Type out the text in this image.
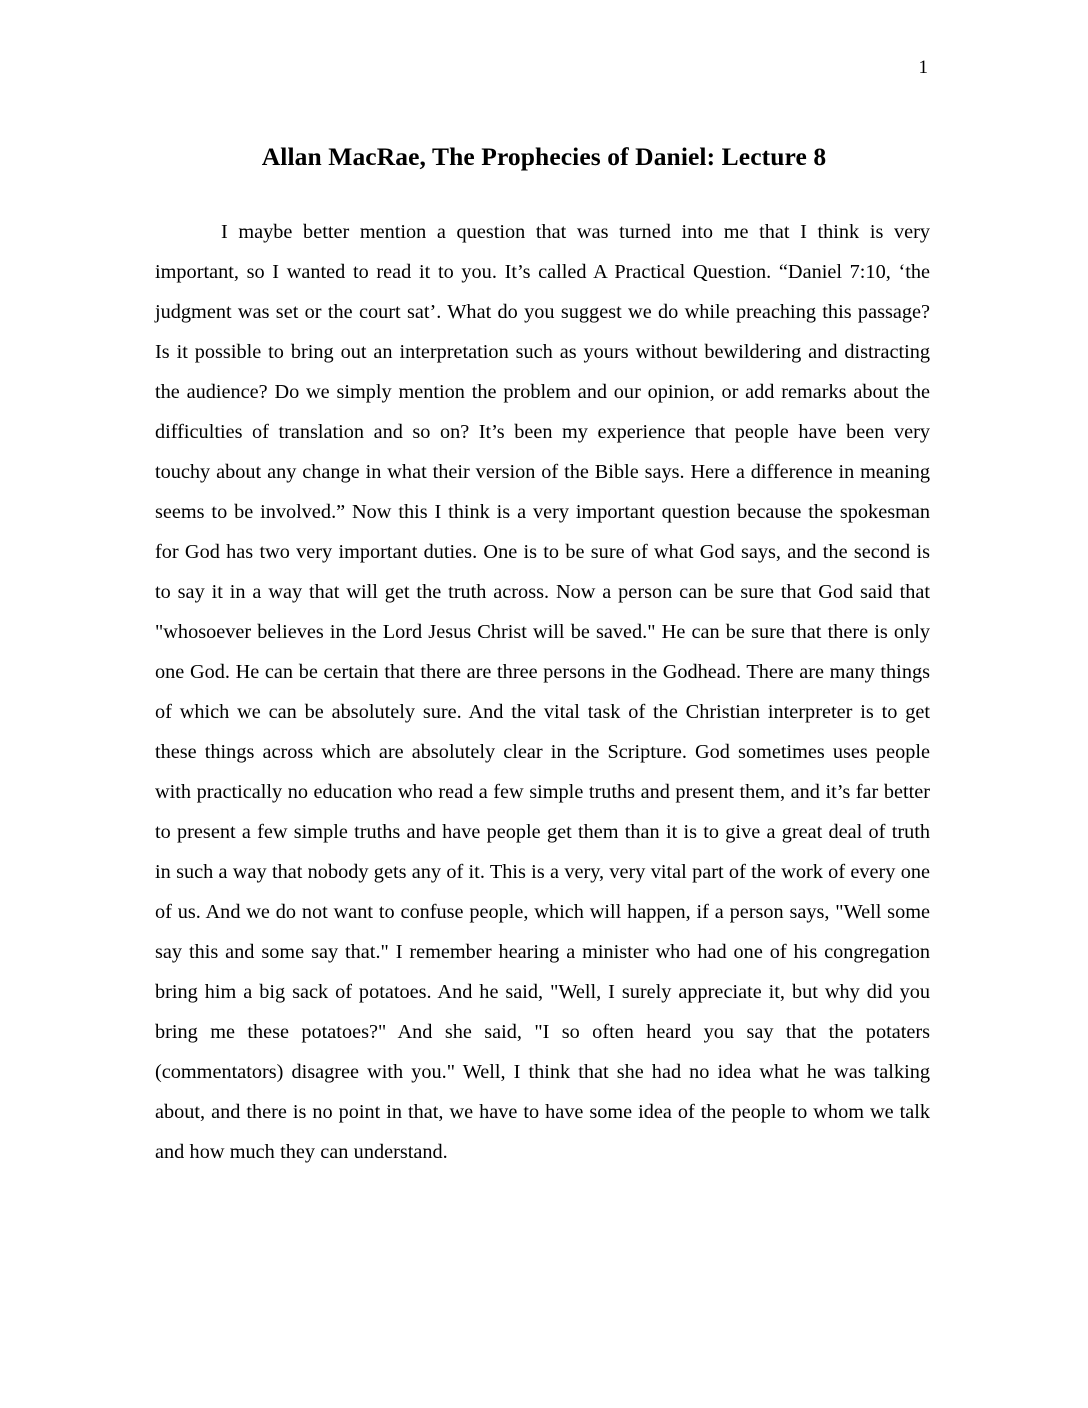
1
Allan MacRae, The Prophecies of Daniel: Lecture 8

I maybe better mention a question that was turned into me that I think is very important, so I wanted to read it to you. It’s called A Practical Question. “Daniel 7:10, ‘the judgment was set or the court sat’. What do you suggest we do while preaching this passage? Is it possible to bring out an interpretation such as yours without bewildering and distracting the audience? Do we simply mention the problem and our opinion, or add remarks about the difficulties of translation and so on? It’s been my experience that people have been very touchy about any change in what their version of the Bible says. Here a difference in meaning seems to be involved.” Now this I think is a very important question because the spokesman for God has two very important duties. One is to be sure of what God says, and the second is to say it in a way that will get the truth across. Now a person can be sure that God said that "whosoever believes in the Lord Jesus Christ will be saved." He can be sure that there is only one God. He can be certain that there are three persons in the Godhead. There are many things of which we can be absolutely sure. And the vital task of the Christian interpreter is to get these things across which are absolutely clear in the Scripture. God sometimes uses people with practically no education who read a few simple truths and present them, and it’s far better to present a few simple truths and have people get them than it is to give a great deal of truth in such a way that nobody gets any of it. This is a very, very vital part of the work of every one of us. And we do not want to confuse people, which will happen, if a person says, "Well some say this and some say that." I remember hearing a minister who had one of his congregation bring him a big sack of potatoes. And he said, "Well, I surely appreciate it, but why did you bring me these potatoes?" And she said, "I so often heard you say that the potaters (commentators) disagree with you." Well, I think that she had no idea what he was talking about, and there is no point in that, we have to have some idea of the people to whom we talk and how much they can understand.
